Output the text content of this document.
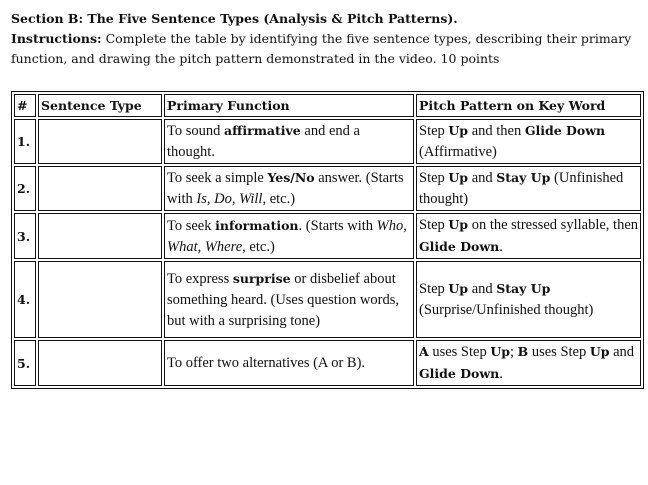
Section B: The Five Sentence Types (Analysis & Pitch Patterns).
Instructions: Complete the table by identifying the five sentence types, describing their primary function, and drawing the pitch pattern demonstrated in the video. 10 points
#	Sentence Type	Primary Function	Pitch Pattern on Key Word
1.		To sound affirmative and end a thought.	Step Up and then Glide Down (Affirmative)
2.		To seek a simple Yes/No answer. (Starts with Is, Do, Will, etc.)	Step Up and Stay Up (Unfinished thought)
3.		To seek information. (Starts with Who, What, Where, etc.)	Step Up on the stressed syllable, then Glide Down.
4.		To express surprise or disbelief about something heard. (Uses question words, but with a surprising tone)	Step Up and Stay Up (Surprise/Unfinished thought)
5.		To offer two alternatives (A or B).	A uses Step Up; B uses Step Up and Glide Down.
